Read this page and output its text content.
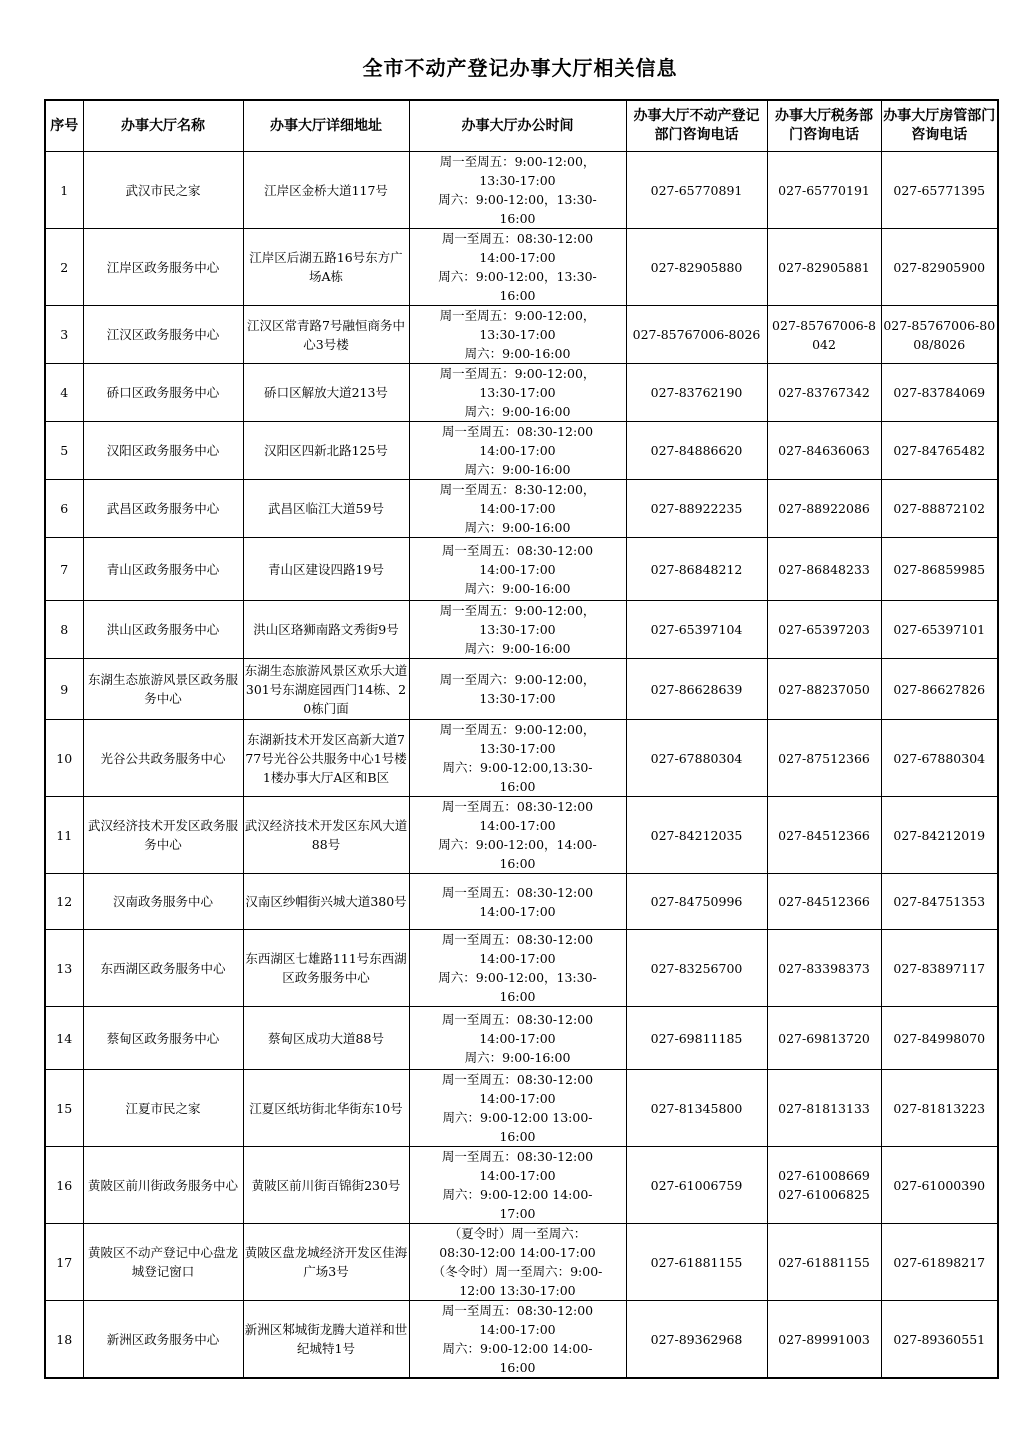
全市不动产登记办事大厅相关信息
序号	办事大厅名称	办事大厅详细地址	办事大厅办公时间	办事大厅不动产登记部门咨询电话	办事大厅税务部门咨询电话	办事大厅房管部门咨询电话
1	武汉市民之家	江岸区金桥大道117号	周一至周五：9:00-12:00，
13:30-17:00
周六：9:00-12:00，13:30-
16:00	027-65770891	027-65770191	027-65771395
2	江岸区政务服务中心	江岸区后湖五路16号东方广场A栋	周一至周五：08:30-12:00
14:00-17:00
周六：9:00-12:00，13:30-
16:00	027-82905880	027-82905881	027-82905900
3	江汉区政务服务中心	江汉区常青路7号融恒商务中心3号楼	周一至周五：9:00-12:00，
13:30-17:00
周六：9:00-16:00	027-85767006-8026	027-85767006-8042	027-85767006-8008/8026
4	硚口区政务服务中心	硚口区解放大道213号	周一至周五：9:00-12:00，
13:30-17:00
周六：9:00-16:00	027-83762190	027-83767342	027-83784069
5	汉阳区政务服务中心	汉阳区四新北路125号	周一至周五：08:30-12:00
14:00-17:00
周六：9:00-16:00	027-84886620	027-84636063	027-84765482
6	武昌区政务服务中心	武昌区临江大道59号	周一至周五：8:30-12:00，
14:00-17:00
周六：9:00-16:00	027-88922235	027-88922086	027-88872102
7	青山区政务服务中心	青山区建设四路19号	周一至周五：08:30-12:00
14:00-17:00
周六：9:00-16:00	027-86848212	027-86848233	027-86859985
8	洪山区政务服务中心	洪山区珞狮南路文秀街9号	周一至周五：9:00-12:00，
13:30-17:00
周六：9:00-16:00	027-65397104	027-65397203	027-65397101
9	东湖生态旅游风景区政务服务中心	东湖生态旅游风景区欢乐大道301号东湖庭园西门14栋、20栋门面	周一至周六：9:00-12:00，
13:30-17:00	027-86628639	027-88237050	027-86627826
10	光谷公共政务服务中心	东湖新技术开发区高新大道777号光谷公共服务中心1号楼1楼办事大厅A区和B区	周一至周五：9:00-12:00，
13:30-17:00
周六：9:00-12:00,13:30-
16:00	027-67880304	027-87512366	027-67880304
11	武汉经济技术开发区政务服务中心	武汉经济技术开发区东风大道88号	周一至周五：08:30-12:00
14:00-17:00
周六：9:00-12:00，14:00-
16:00	027-84212035	027-84512366	027-84212019
12	汉南政务服务中心	汉南区纱帽街兴城大道380号	周一至周五：08:30-12:00
14:00-17:00	027-84750996	027-84512366	027-84751353
13	东西湖区政务服务中心	东西湖区七雄路111号东西湖区政务服务中心	周一至周五：08:30-12:00
14:00-17:00
周六：9:00-12:00，13:30-
16:00	027-83256700	027-83398373	027-83897117
14	蔡甸区政务服务中心	蔡甸区成功大道88号	周一至周五：08:30-12:00
14:00-17:00
周六：9:00-16:00	027-69811185	027-69813720	027-84998070
15	江夏市民之家	江夏区纸坊街北华街东10号	周一至周五：08:30-12:00
14:00-17:00
周六：9:00-12:00 13:00-
16:00	027-81345800	027-81813133	027-81813223
16	黄陂区前川街政务服务中心	黄陂区前川街百锦街230号	周一至周五：08:30-12:00
14:00-17:00
周六：9:00-12:00 14:00-
17:00	027-61006759	027-61008669
027-61006825	027-61000390
17	黄陂区不动产登记中心盘龙城登记窗口	黄陂区盘龙城经济开发区佳海广场3号	（夏令时）周一至周六：
08:30-12:00 14:00-17:00
（冬令时）周一至周六：9:00-
12:00 13:30-17:00	027-61881155	027-61881155	027-61898217
18	新洲区政务服务中心	新洲区邾城街龙腾大道祥和世纪城特1号	周一至周五：08:30-12:00
14:00-17:00
周六：9:00-12:00 14:00-
16:00	027-89362968	027-89991003	027-89360551
